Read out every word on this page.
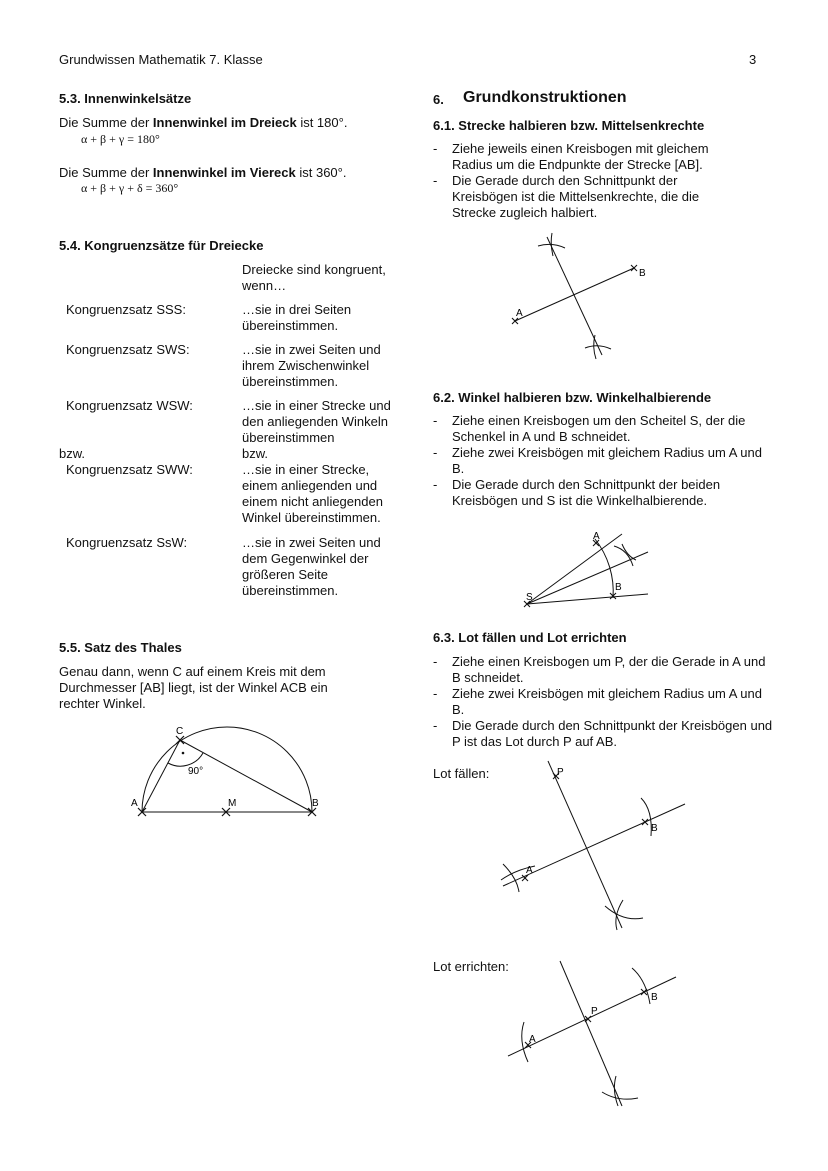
Grundwissen Mathematik 7. Klasse	3
5.3. Innenwinkelsätze
Die Summe der Innenwinkel im Dreieck ist 180°.
α + β + γ = 180°
Die Summe der Innenwinkel im Viereck ist 360°.
α + β + γ + δ = 360°
5.4. Kongruenzsätze für Dreiecke
Dreiecke sind kongruent, wenn…
Kongruenzsatz SSS:	…sie in drei Seiten übereinstimmen.
Kongruenzsatz SWS:	…sie in zwei Seiten und ihrem Zwischenwinkel übereinstimmen.
Kongruenzsatz WSW:	…sie in einer Strecke und den anliegenden Winkeln übereinstimmen
bzw.	bzw.
Kongruenzsatz SWW:	…sie in einer Strecke, einem anliegenden und einem nicht anliegenden Winkel übereinstimmen.
Kongruenzsatz SsW:	…sie in zwei Seiten und dem Gegenwinkel der größeren Seite übereinstimmen.
5.5. Satz des Thales
Genau dann, wenn C auf einem Kreis mit dem Durchmesser [AB] liegt, ist der Winkel ACB ein rechter Winkel.
C
90°
A	M	B
6. Grundkonstruktionen
6.1. Strecke halbieren bzw. Mittelsenkrechte
- Ziehe jeweils einen Kreisbogen mit gleichem Radius um die Endpunkte der Strecke [AB].
- Die Gerade durch den Schnittpunkt der Kreisbögen ist die Mittelsenkrechte, die die Strecke zugleich halbiert.
A
B
6.2. Winkel halbieren bzw. Winkelhalbierende
- Ziehe einen Kreisbogen um den Scheitel S, der die Schenkel in A und B schneidet.
- Ziehe zwei Kreisbögen mit gleichem Radius um A und B.
- Die Gerade durch den Schnittpunkt der beiden Kreisbögen und S ist die Winkelhalbierende.
A
B
S
6.3. Lot fällen und Lot errichten
- Ziehe einen Kreisbogen um P, der die Gerade in A und B schneidet.
- Ziehe zwei Kreisbögen mit gleichem Radius um A und B.
- Die Gerade durch den Schnittpunkt der Kreisbögen und P ist das Lot durch P auf AB.
Lot fällen:	P
A
B
Lot errichten:
P
A
B
